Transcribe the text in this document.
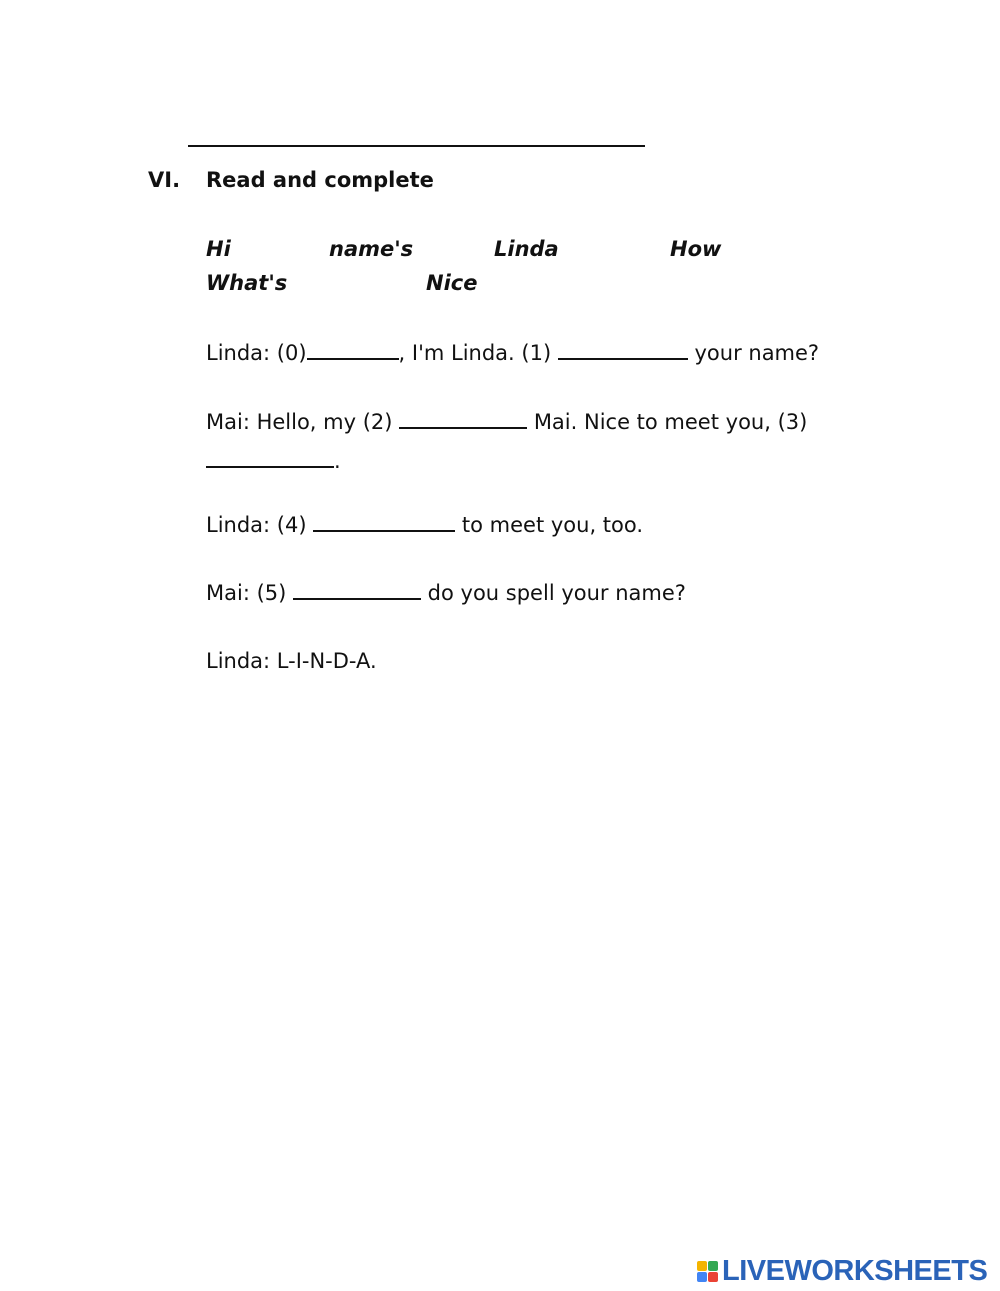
VI.	Read and complete
Hi	name's	Linda	How
What's	Nice
Linda: (0)	, I'm Linda. (1)	your name?
Mai: Hello, my (2)	Mai. Nice to meet you, (3)
.
Linda: (4)	to meet you, too.
Mai: (5)	do you spell your name?
Linda: L-I-N-D-A.
LIVEWORKSHEETS
